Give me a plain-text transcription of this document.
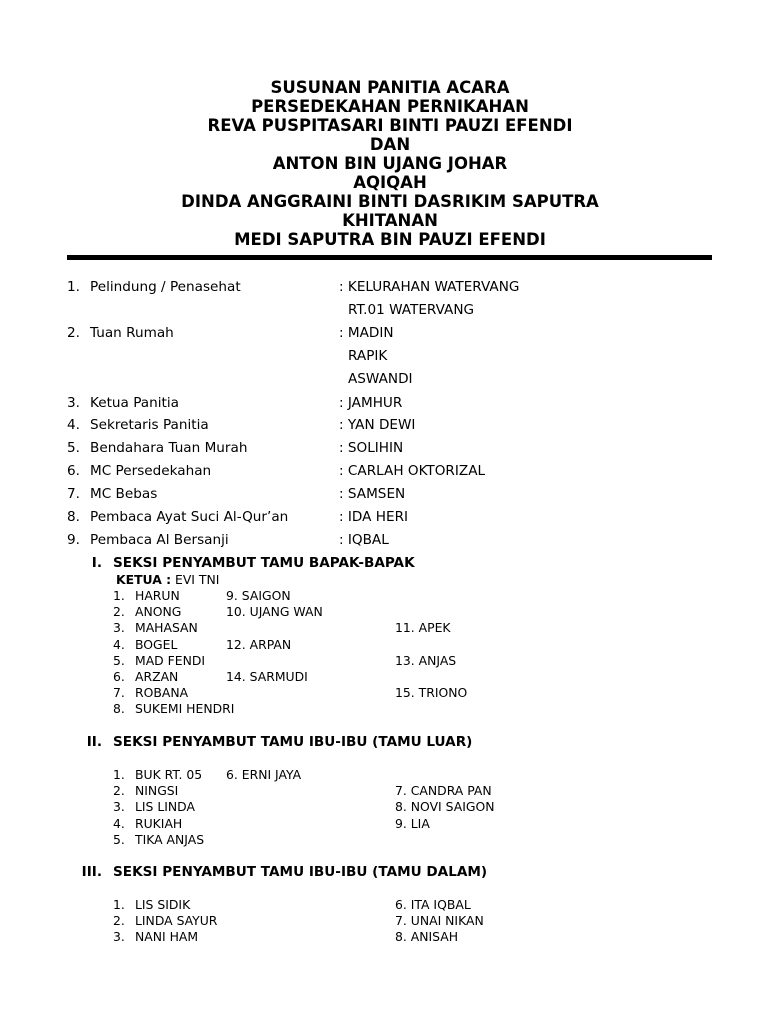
SUSUNAN PANITIA ACARA
PERSEDEKAHAN PERNIKAHAN
REVA PUSPITASARI BINTI PAUZI EFENDI
DAN
ANTON BIN UJANG JOHAR
AQIQAH
DINDA ANGGRAINI BINTI DASRIKIM SAPUTRA
KHITANAN
MEDI SAPUTRA BIN PAUZI EFENDI
1. Pelindung / Penasehat	: KELURAHAN WATERVANG
RT.01 WATERVANG
2. Tuan Rumah	: MADIN
RAPIK
ASWANDI
3. Ketua Panitia	: JAMHUR
4. Sekretaris Panitia	: YAN DEWI
5. Bendahara Tuan Murah	: SOLIHIN
6. MC Persedekahan	: CARLAH OKTORIZAL
7. MC Bebas	: SAMSEN
8. Pembaca Ayat Suci Al-Qur’an	: IDA HERI
9. Pembaca Al Bersanji	: IQBAL
I. SEKSI PENYAMBUT TAMU BAPAK-BAPAK
KETUA : EVI TNI
1. HARUN	9. SAIGON
2. ANONG	10. UJANG WAN
3. MAHASAN	11. APEK
4. BOGEL	12. ARPAN
5. MAD FENDI	13. ANJAS
6. ARZAN	14. SARMUDI
7. ROBANA	15. TRIONO
8. SUKEMI HENDRI
II. SEKSI PENYAMBUT TAMU IBU-IBU (TAMU LUAR)
1. BUK RT. 05 6. ERNI JAYA
2. NINGSI	7. CANDRA PAN
3. LIS LINDA	8. NOVI SAIGON
4. RUKIAH	9. LIA
5. TIKA ANJAS
III. SEKSI PENYAMBUT TAMU IBU-IBU (TAMU DALAM)
1. LIS SIDIK	6. ITA IQBAL
2. LINDA SAYUR	7. UNAI NIKAN
3. NANI HAM	8. ANISAH
